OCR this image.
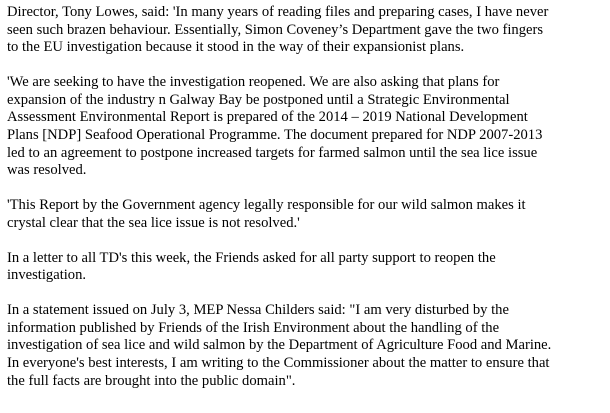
Director, Tony Lowes, said: 'In many years of reading files and preparing cases, I have never
seen such brazen behaviour. Essentially, Simon Coveney’s Department gave the two fingers
to the EU investigation because it stood in the way of their expansionist plans.

'We are seeking to have the investigation reopened. We are also asking that plans for
expansion of the industry n Galway Bay be postponed until a Strategic Environmental
Assessment Environmental Report is prepared of the 2014 – 2019 National Development
Plans [NDP] Seafood Operational Programme. The document prepared for NDP 2007-2013
led to an agreement to postpone increased targets for farmed salmon until the sea lice issue
was resolved.

'This Report by the Government agency legally responsible for our wild salmon makes it
crystal clear that the sea lice issue is not resolved.'

In a letter to all TD's this week, the Friends asked for all party support to reopen the
investigation.

In a statement issued on July 3, MEP Nessa Childers said: "I am very disturbed by the
information published by Friends of the Irish Environment about the handling of the
investigation of sea lice and wild salmon by the Department of Agriculture Food and Marine.
In everyone's best interests, I am writing to the Commissioner about the matter to ensure that
the full facts are brought into the public domain".
